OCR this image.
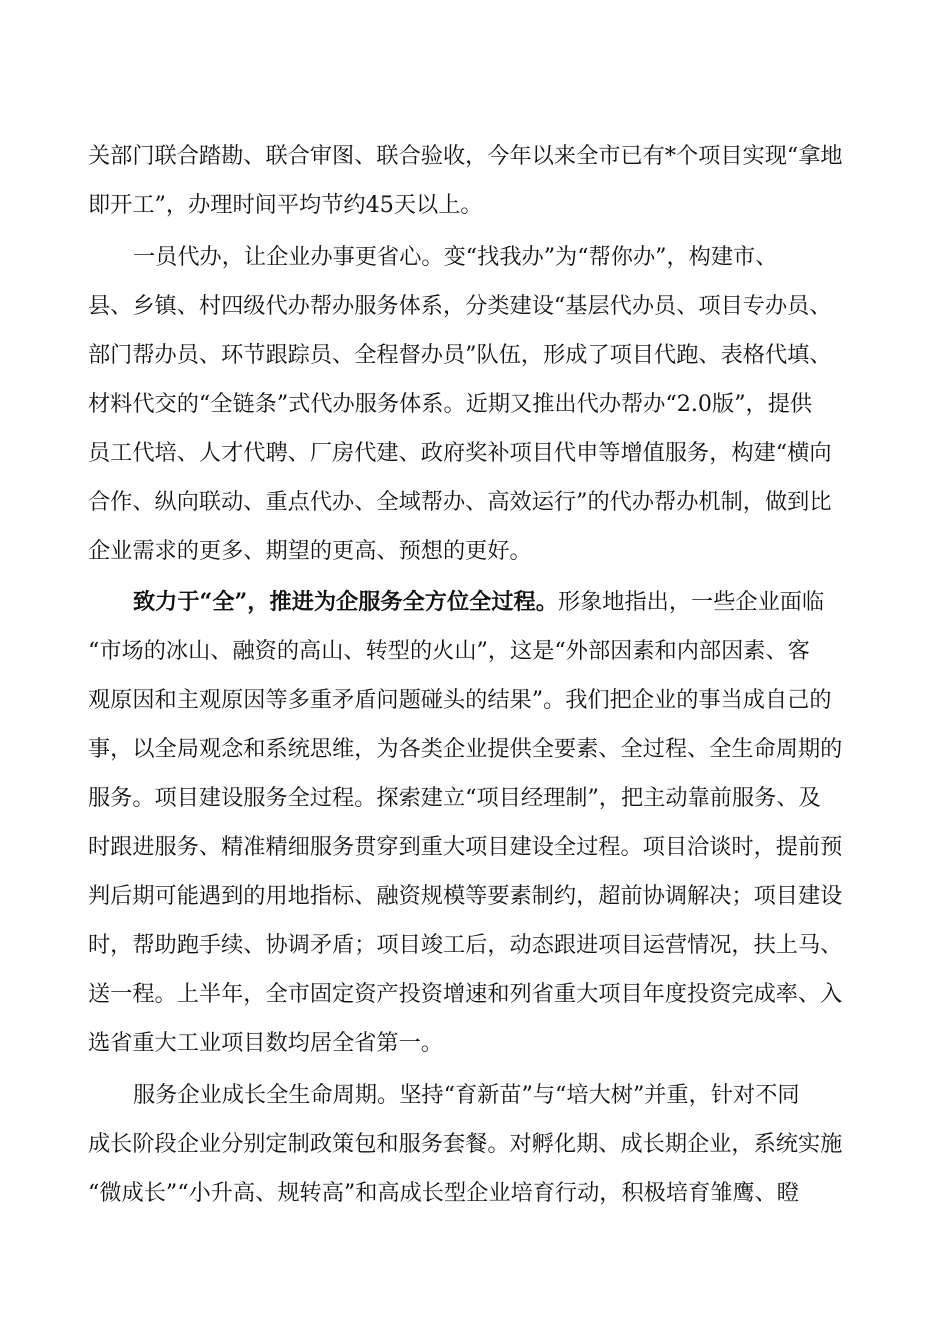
关部门联合踏勘、联合审图、联合验收，今年以来全市已有*个项目实现“拿地
即开工”，办理时间平均节约45天以上。
一员代办，让企业办事更省心。变“找我办”为“帮你办”，构建市、
县、乡镇、村四级代办帮办服务体系，分类建设“基层代办员、项目专办员、
部门帮办员、环节跟踪员、全程督办员”队伍，形成了项目代跑、表格代填、
材料代交的“全链条”式代办服务体系。近期又推出代办帮办“2.0版”，提供
员工代培、人才代聘、厂房代建、政府奖补项目代申等增值服务，构建“横向
合作、纵向联动、重点代办、全域帮办、高效运行”的代办帮办机制，做到比
企业需求的更多、期望的更高、预想的更好。
致力于“全”，推进为企服务全方位全过程。形象地指出，一些企业面临
“市场的冰山、融资的高山、转型的火山”，这是“外部因素和内部因素、客
观原因和主观原因等多重矛盾问题碰头的结果”。我们把企业的事当成自己的
事，以全局观念和系统思维，为各类企业提供全要素、全过程、全生命周期的
服务。项目建设服务全过程。探索建立“项目经理制”，把主动靠前服务、及
时跟进服务、精准精细服务贯穿到重大项目建设全过程。项目洽谈时，提前预
判后期可能遇到的用地指标、融资规模等要素制约，超前协调解决；项目建设
时，帮助跑手续、协调矛盾；项目竣工后，动态跟进项目运营情况，扶上马、
送一程。上半年，全市固定资产投资增速和列省重大项目年度投资完成率、入
选省重大工业项目数均居全省第一。
服务企业成长全生命周期。坚持“育新苗”与“培大树”并重，针对不同
成长阶段企业分别定制政策包和服务套餐。对孵化期、成长期企业，系统实施
“微成长”“小升高、规转高”和高成长型企业培育行动，积极培育雏鹰、瞪
